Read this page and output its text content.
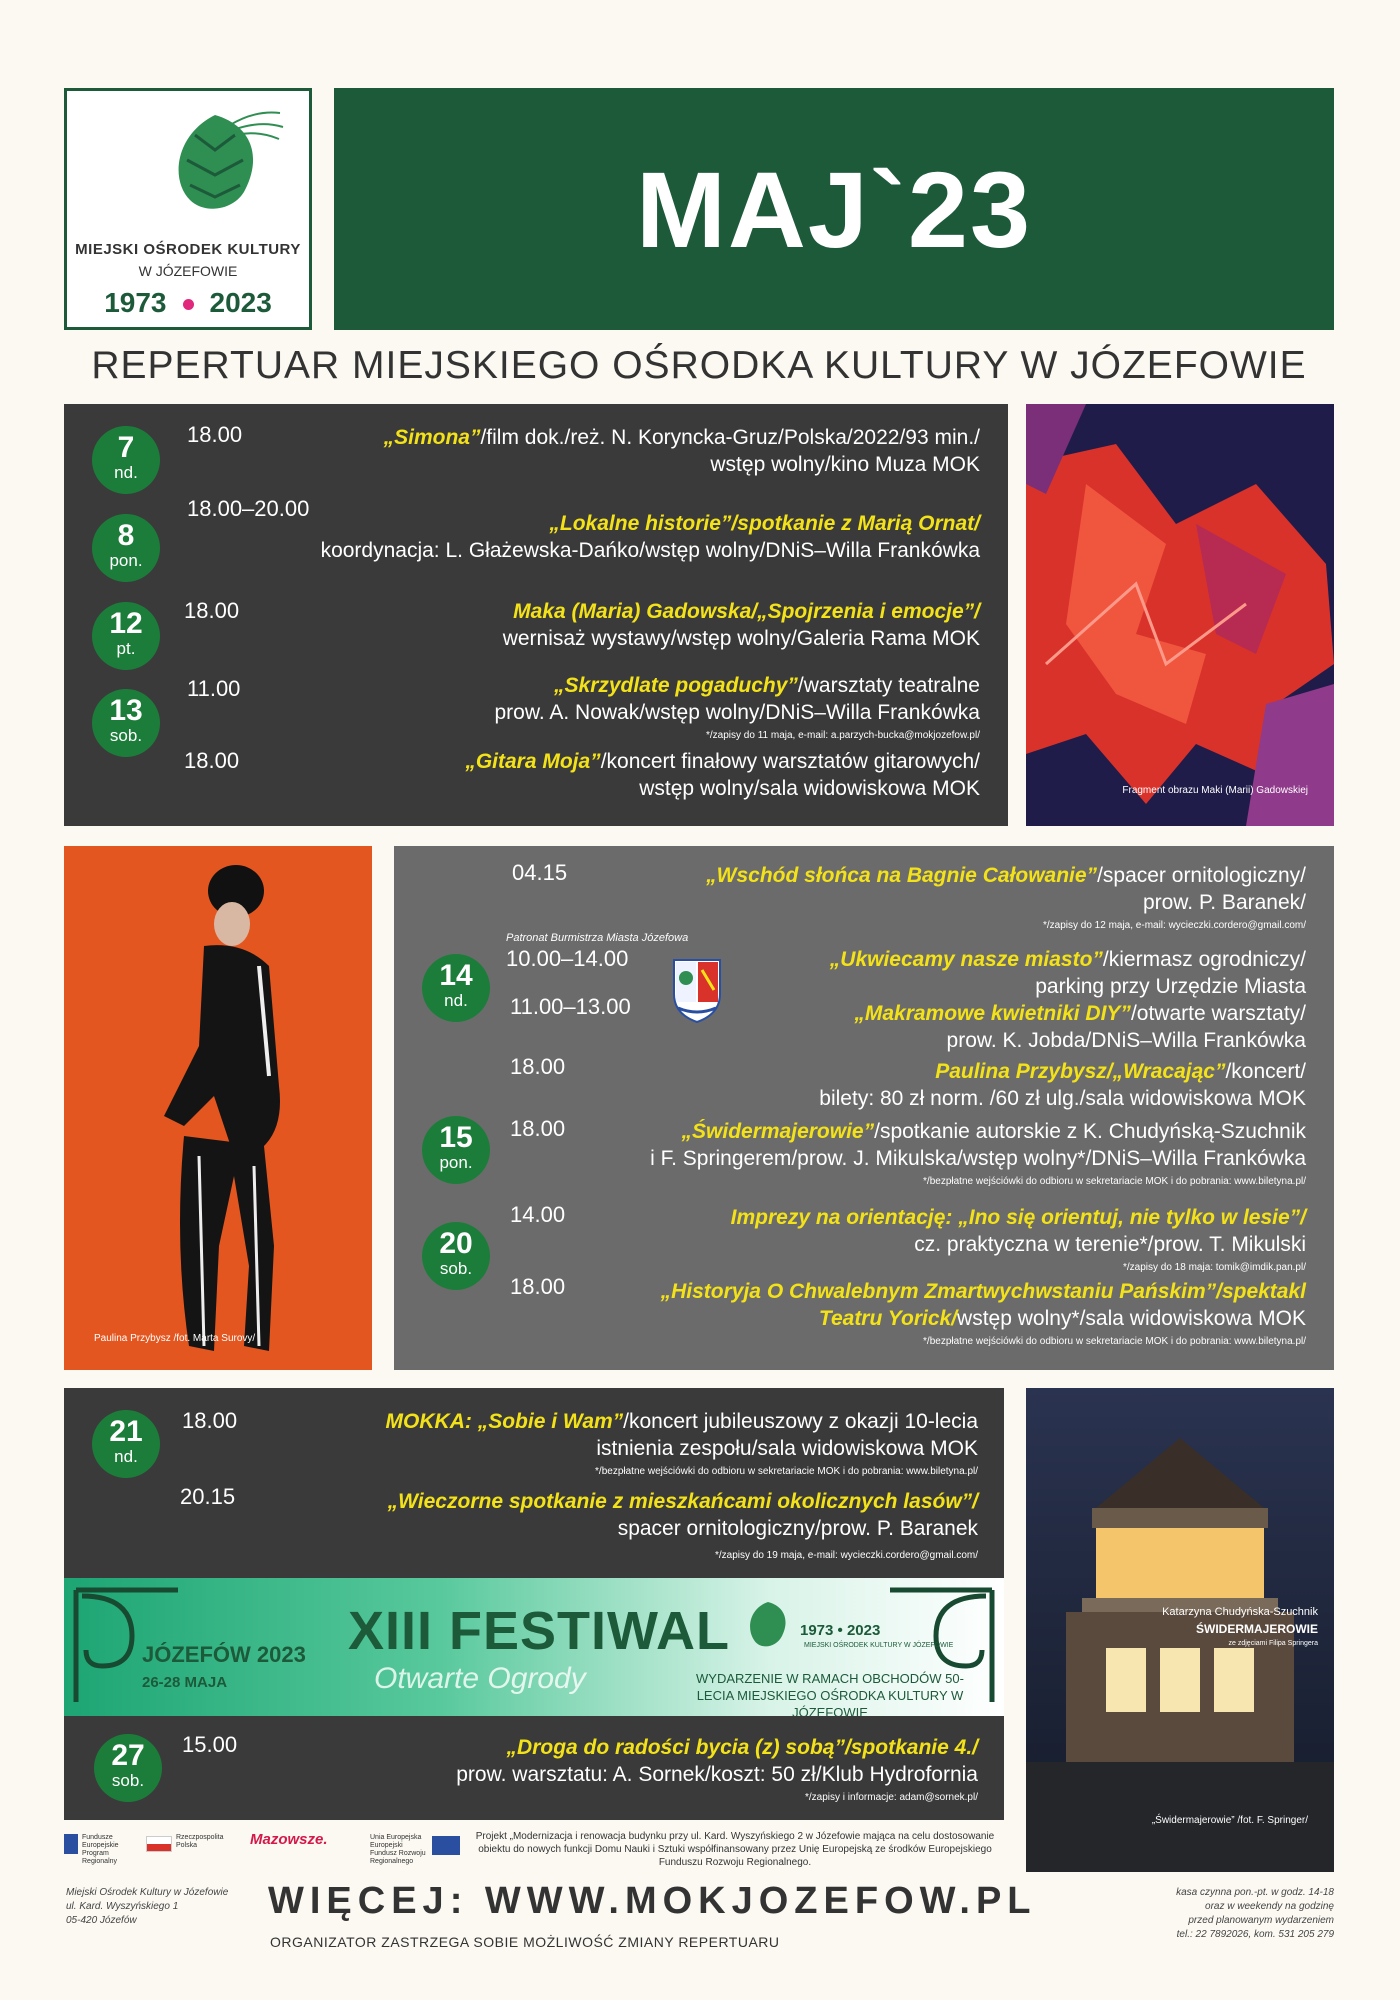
MIEJSKI OŚRODEK KULTURY
W JÓZEFOWIE
1973 2023
MAJ`23
REPERTUAR MIEJSKIEGO OŚRODKA KULTURY W JÓZEFOWIE
7
nd.
18.00	„Simona”/film dok./reż. N. Koryncka-Gruz/Polska/2022/93 min./
wstęp wolny/kino Muza MOK
8
pon.
18.00–20.00
„Lokalne historie”/spotkanie z Marią Ornat/
koordynacja: L. Głażewska-Dańko/wstęp wolny/DNiS–Willa Frankówka
12
pt.
18.00	Maka (Maria) Gadowska/„Spojrzenia i emocje”/
wernisaż wystawy/wstęp wolny/Galeria Rama MOK
13
sob.
11.00	„Skrzydlate pogaduchy”/warsztaty teatralne
prow. A. Nowak/wstęp wolny/DNiS–Willa Frankówka
*/zapisy do 11 maja, e-mail: a.parzych-bucka@mokjozefow.pl/
18.00	„Gitara Moja”/koncert finałowy warsztatów gitarowych/
wstęp wolny/sala widowiskowa MOK	Fragment obrazu Maki (Marii) Gadowskiej
Paulina Przybysz /fot. Marta Surovy/
04.15	„Wschód słońca na Bagnie Całowanie”/spacer ornitologiczny/
prow. P. Baranek/
*/zapisy do 12 maja, e-mail: wycieczki.cordero@gmail.com/
Patronat Burmistrza Miasta Józefowa
14
nd.
10.00–14.00	„Ukwiecamy nasze miasto”/kiermasz ogrodniczy/
parking przy Urzędzie Miasta
11.00–13.00	„Makramowe kwietniki DIY”/otwarte warsztaty/
prow. K. Jobda/DNiS–Willa Frankówka
18.00	Paulina Przybysz/„Wracając”/koncert/
bilety: 80 zł norm. /60 zł ulg./sala widowiskowa MOK
15
pon.
18.00	„Świdermajerowie”/spotkanie autorskie z K. Chudyńską-Szuchnik
i F. Springerem/prow. J. Mikulska/wstęp wolny*/DNiS–Willa Frankówka
*/bezpłatne wejściówki do odbioru w sekretariacie MOK i do pobrania: www.biletyna.pl/
20
sob.
14.00	Imprezy na orientację: „Ino się orientuj, nie tylko w lesie”/
cz. praktyczna w terenie*/prow. T. Mikulski
*/zapisy do 18 maja: tomik@imdik.pan.pl/
18.00	„Historyja O Chwalebnym Zmartwychwstaniu Pańskim”/spektakl
Teatru Yorick/wstęp wolny*/sala widowiskowa MOK
*/bezpłatne wejściówki do odbioru w sekretariacie MOK i do pobrania: www.biletyna.pl/
21
nd.
18.00	MOKKA: „Sobie i Wam”/koncert jubileuszowy z okazji 10-lecia
istnienia zespołu/sala widowiskowa MOK
*/bezpłatne wejściówki do odbioru w sekretariacie MOK i do pobrania: www.biletyna.pl/
20.15	„Wieczorne spotkanie z mieszkańcami okolicznych lasów”/
spacer ornitologiczny/prow. P. Baranek
*/zapisy do 19 maja, e-mail: wycieczki.cordero@gmail.com/
JÓZEFÓW 2023
26-28 MAJA
XIII FESTIWAL
Otwarte Ogrody
1973 • 2023
MIEJSKI OŚRODEK KULTURY W JÓZEFOWIE
WYDARZENIE W RAMACH OBCHODÓW 50-LECIA MIEJSKIEGO OŚRODKA KULTURY W JÓZEFOWIE
27
sob.
15.00	„Droga do radości bycia (z) sobą”/spotkanie 4./
prow. warsztatu: A. Sornek/koszt: 50 zł/Klub Hydrofornia
*/zapisy i informacje: adam@sornek.pl/
Katarzyna Chudyńska-Szuchnik
ŚWIDERMAJEROWIE
ze zdjęciami Filipa Springera
„Świdermajerowie” /fot. F. Springer/
Fundusze Europejskie Program Regionalny
Rzeczpospolita Polska	Mazowsze.	Unia Europejska Europejski Fundusz Rozwoju Regionalnego
Projekt „Modernizacja i renowacja budynku przy ul. Kard. Wyszyńskiego 2 w Józefowie mająca na celu dostosowanie obiektu do nowych funkcji Domu Nauki i Sztuki współfinansowany przez Unię Europejską ze środków Europejskiego Funduszu Rozwoju Regionalnego.
Miejski Ośrodek Kultury w Józefowie
ul. Kard. Wyszyńskiego 1
05-420 Józefów	WIĘCEJ: WWW.MOKJOZEFOW.PL
ORGANIZATOR ZASTRZEGA SOBIE MOŻLIWOŚĆ ZMIANY REPERTUARU
kasa czynna pon.-pt. w godz. 14-18
oraz w weekendy na godzinę
przed planowanym wydarzeniem
tel.: 22 7892026, kom. 531 205 279
